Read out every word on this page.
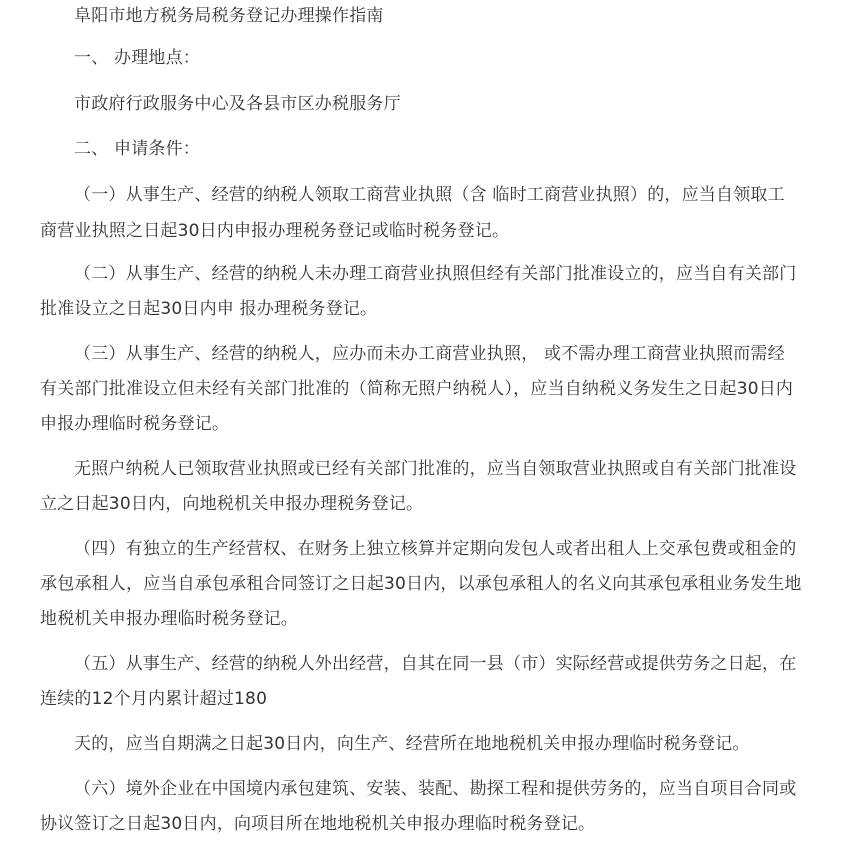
阜阳市地方税务局税务登记办理操作指南
一、 办理地点：
市政府行政服务中心及各县市区办税服务厅
二、 申请条件：
（一）从事生产、经营的纳税人领取工商营业执照（含 临时工商营业执照）的，应当自领取工
商营业执照之日起30日内申报办理税务登记或临时税务登记。
（二）从事生产、经营的纳税人未办理工商营业执照但经有关部门批准设立的，应当自有关部门
批准设立之日起30日内申 报办理税务登记。
（三）从事生产、经营的纳税人，应办而未办工商营业执照， 或不需办理工商营业执照而需经
有关部门批准设立但未经有关部门批准的（简称无照户纳税人），应当自纳税义务发生之日起30日内
申报办理临时税务登记。
无照户纳税人已领取营业执照或已经有关部门批准的，应当自领取营业执照或自有关部门批准设
立之日起30日内，向地税机关申报办理税务登记。
（四）有独立的生产经营权、在财务上独立核算并定期向发包人或者出租人上交承包费或租金的
承包承租人，应当自承包承租合同签订之日起30日内，以承包承租人的名义向其承包承租业务发生地
地税机关申报办理临时税务登记。
（五）从事生产、经营的纳税人外出经营，自其在同一县（市）实际经营或提供劳务之日起，在
连续的12个月内累计超过180
天的，应当自期满之日起30日内，向生产、经营所在地地税机关申报办理临时税务登记。
（六）境外企业在中国境内承包建筑、安装、装配、勘探工程和提供劳务的，应当自项目合同或
协议签订之日起30日内，向项目所在地地税机关申报办理临时税务登记。
